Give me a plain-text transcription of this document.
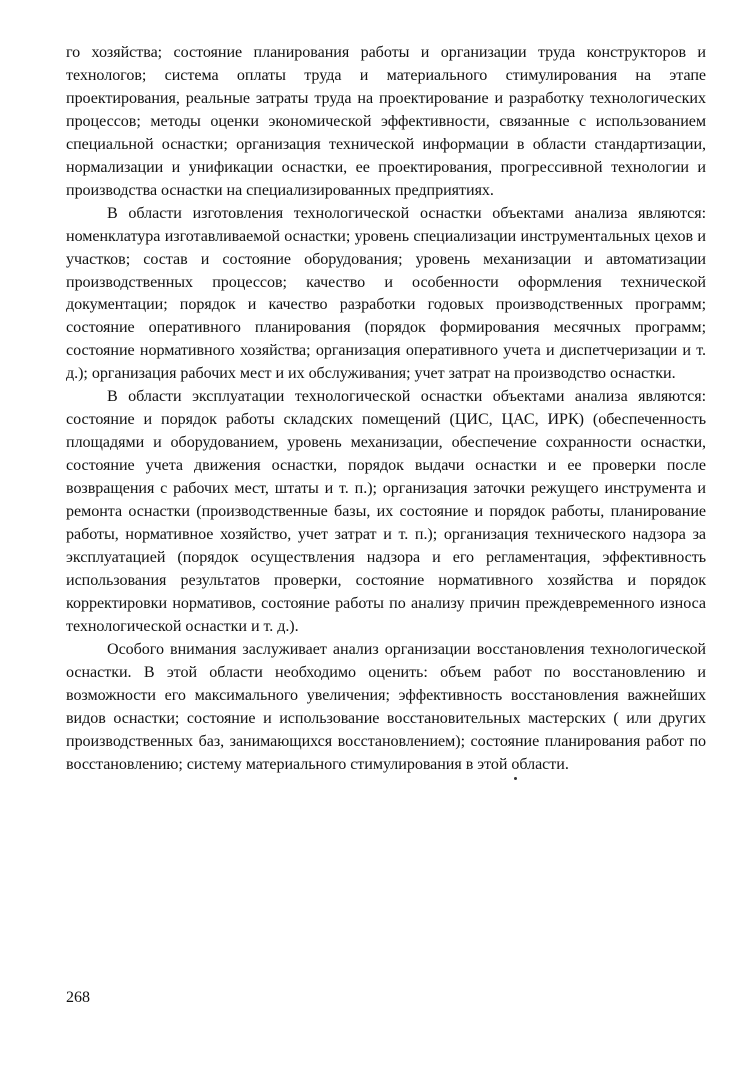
го хозяйства; состояние планирования работы и организации труда конструкторов и технологов; система оплаты труда и материального стимулирования на этапе проектирования, реальные затраты труда на проектирование и разработку технологических процессов; методы оценки экономической эффективности, связанные с использованием специальной оснастки; организация технической информации в области стандартизации, нормализации и унификации оснастки, ее проектирования, прогрессивной технологии и производства оснастки на специализированных предприятиях.

В области изготовления технологической оснастки объектами анализа являются: номенклатура изготавливаемой оснастки; уровень специализации инструментальных цехов и участков; состав и состояние оборудования; уровень механизации и автоматизации производственных процессов; качество и особенности оформления технической документации; порядок и качество разработки годовых производственных программ; состояние оперативного планирования (порядок формирования месячных программ; состояние нормативного хозяйства; организация оперативного учета и диспетчеризации и т. д.); организация рабочих мест и их обслуживания; учет затрат на производство оснастки.

В области эксплуатации технологической оснастки объектами анализа являются: состояние и порядок работы складских помещений (ЦИС, ЦАС, ИРК) (обеспеченность площадями и оборудованием, уровень механизации, обеспечение сохранности оснастки, состояние учета движения оснастки, порядок выдачи оснастки и ее проверки после возвращения с рабочих мест, штаты и т. п.); организация заточки режущего инструмента и ремонта оснастки (производственные базы, их состояние и порядок работы, планирование работы, нормативное хозяйство, учет затрат и т. п.); организация технического надзора за эксплуатацией (порядок осуществления надзора и его регламентация, эффективность использования результатов проверки, состояние нормативного хозяйства и порядок корректировки нормативов, состояние работы по анализу причин преждевременного износа технологической оснастки и т. д.).

Особого внимания заслуживает анализ организации восстановления технологической оснастки. В этой области необходимо оценить: объем работ по восстановлению и возможности его максимального увеличения; эффективность восстановления важнейших видов оснастки; состояние и использование восстановительных мастерских ( или других производственных баз, занимающихся восстановлением); состояние планирования работ по восстановлению; систему материального стимулирования в этой области.

268
